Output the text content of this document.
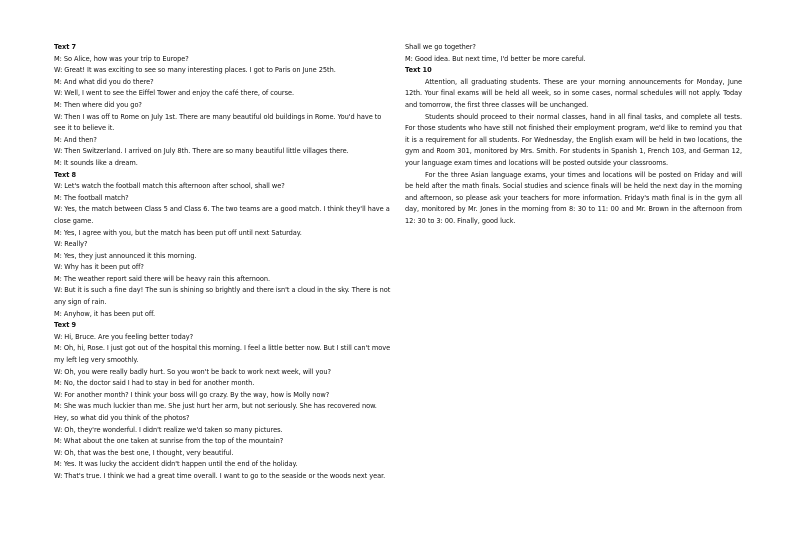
Text 7
M: So Alice, how was your trip to Europe?
W: Great! It was exciting to see so many interesting places. I got to Paris on June 25th.
M: And what did you do there?
W: Well, I went to see the Eiffel Tower and enjoy the café there, of course.
M: Then where did you go?
W: Then I was off to Rome on July 1st. There are many beautiful old buildings in Rome. You'd have to see it to believe it.
M: And then?
W: Then Switzerland. I arrived on July 8th. There are so many beautiful little villages there.
M: It sounds like a dream.
Text 8
W: Let's watch the football match this afternoon after school, shall we?
M: The football match?
W: Yes, the match between Class 5 and Class 6. The two teams are a good match. I think they'll have a close game.
M: Yes, I agree with you, but the match has been put off until next Saturday.
W: Really?
M: Yes, they just announced it this morning.
W: Why has it been put off?
M: The weather report said there will be heavy rain this afternoon.
W: But it is such a fine day! The sun is shining so brightly and there isn't a cloud in the sky. There is not any sign of rain.
M: Anyhow, it has been put off.
Text 9
W: Hi, Bruce. Are you feeling better today?
M: Oh, hi, Rose. I just got out of the hospital this morning. I feel a little better now. But I still can't move my left leg very smoothly.
W: Oh, you were really badly hurt. So you won't be back to work next week, will you?
M: No, the doctor said I had to stay in bed for another month.
W: For another month? I think your boss will go crazy. By the way, how is Molly now?
M: She was much luckier than me. She just hurt her arm, but not seriously. She has recovered now. Hey, so what did you think of the photos?
W: Oh, they're wonderful. I didn't realize we'd taken so many pictures.
M: What about the one taken at sunrise from the top of the mountain?
W: Oh, that was the best one, I thought, very beautiful.
M: Yes. It was lucky the accident didn't happen until the end of the holiday.
W: That's true. I think we had a great time overall. I want to go to the seaside or the woods next year.
Shall we go together?
M: Good idea. But next time, I'd better be more careful.
Text 10

Attention, all graduating students. These are your morning announcements for Monday, June 12th. Your final exams will be held all week, so in some cases, normal schedules will not apply. Today and tomorrow, the first three classes will be unchanged.

Students should proceed to their normal classes, hand in all final tasks, and complete all tests. For those students who have still not finished their employment program, we'd like to remind you that it is a requirement for all students. For Wednesday, the English exam will be held in two locations, the gym and Room 301, monitored by Mrs. Smith. For students in Spanish 1, French 103, and German 12, your language exam times and locations will be posted outside your classrooms.

For the three Asian language exams, your times and locations will be posted on Friday and will be held after the math finals. Social studies and science finals will be held the next day in the morning and afternoon, so please ask your teachers for more information. Friday's math final is in the gym all day, monitored by Mr. Jones in the morning from 8: 30 to 11: 00 and Mr. Brown in the afternoon from 12: 30 to 3: 00. Finally, good luck.
